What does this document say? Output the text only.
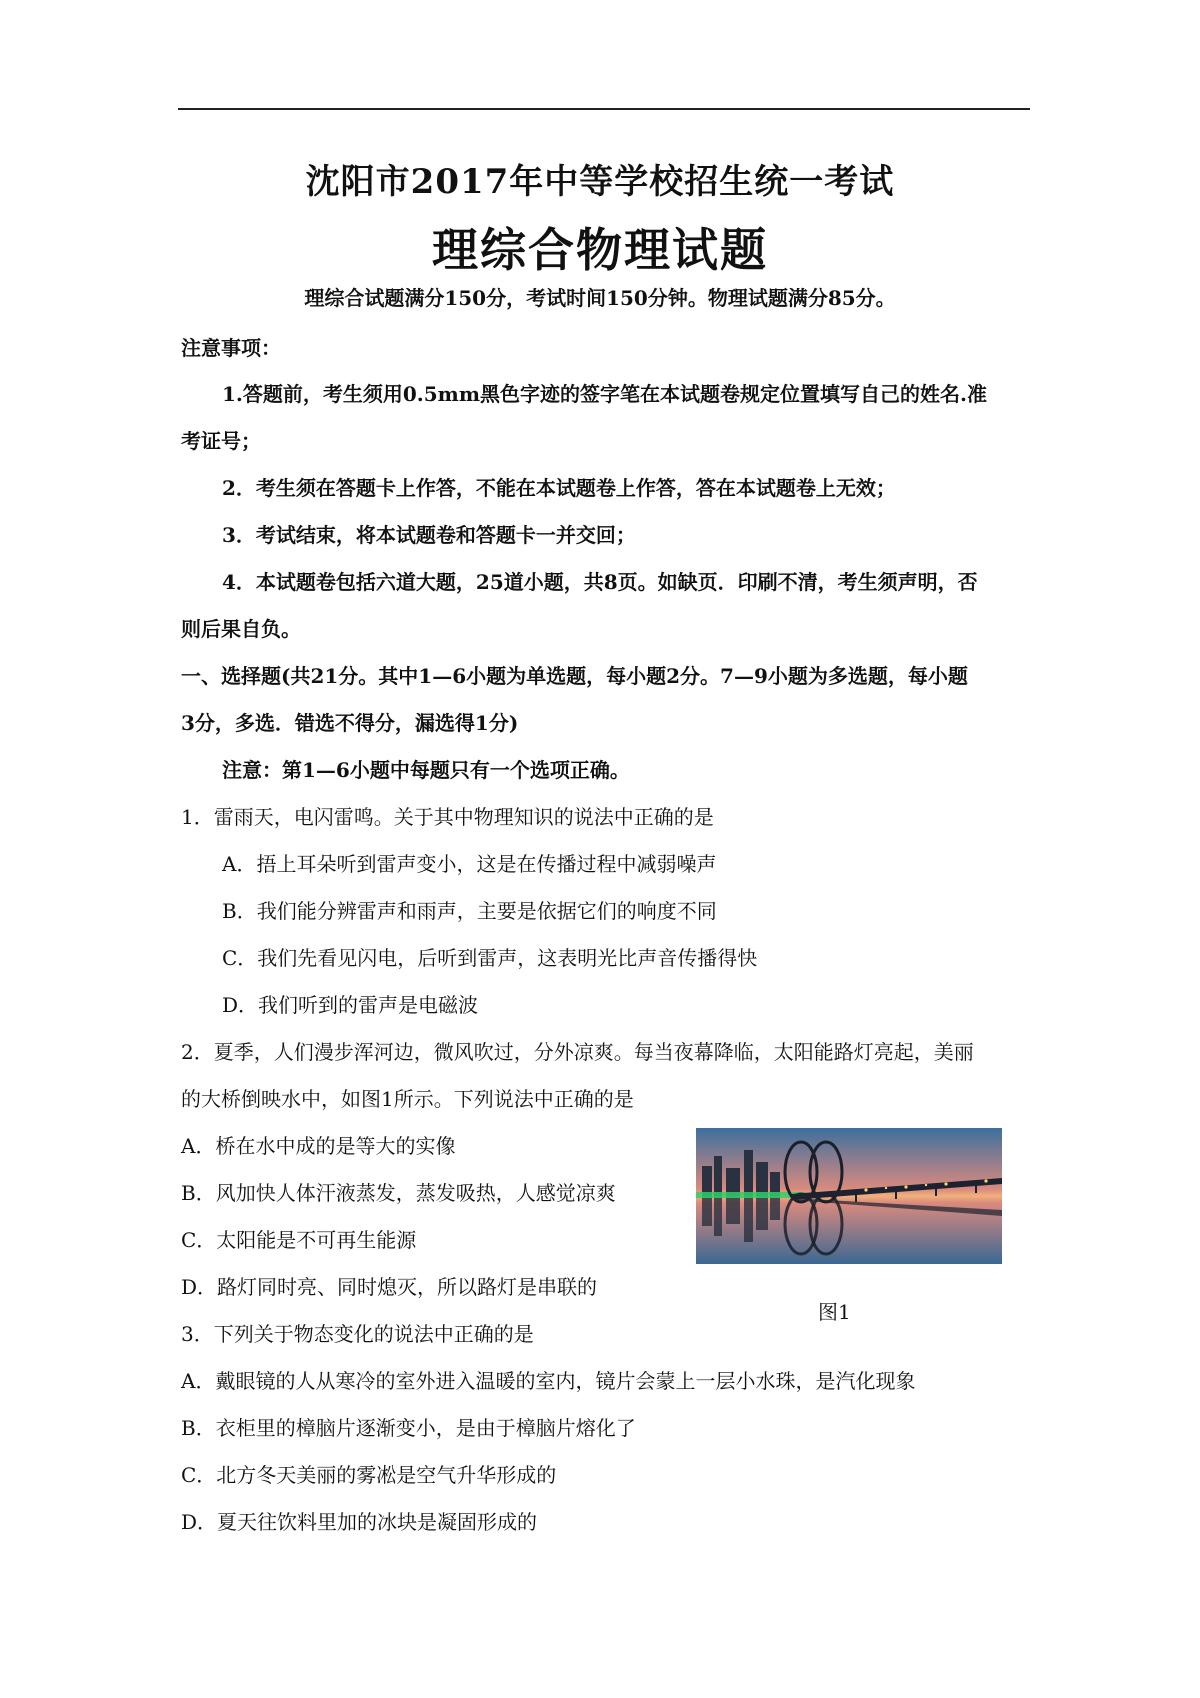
沈阳市2017年中等学校招生统一考试
理综合物理试题
理综合试题满分150分，考试时间150分钟。物理试题满分85分。
注意事项：
1.答题前，考生须用0.5mm黑色字迹的签字笔在本试题卷规定位置填写自己的姓名.准
考证号；
2．考生须在答题卡上作答，不能在本试题卷上作答，答在本试题卷上无效；
3．考试结束，将本试题卷和答题卡一并交回；
4．本试题卷包括六道大题，25道小题，共8页。如缺页．印刷不清，考生须声明，否
则后果自负。
一、选择题(共21分。其中1—6小题为单选题，每小题2分。7—9小题为多选题，每小题
3分，多选．错选不得分，漏选得1分)
注意：第1—6小题中每题只有一个选项正确。
1．雷雨天，电闪雷鸣。关于其中物理知识的说法中正确的是
A．捂上耳朵听到雷声变小，这是在传播过程中减弱噪声
B．我们能分辨雷声和雨声，主要是依据它们的响度不同
C．我们先看见闪电，后听到雷声，这表明光比声音传播得快
D．我们听到的雷声是电磁波
2．夏季，人们漫步浑河边，微风吹过，分外凉爽。每当夜幕降临，太阳能路灯亮起，美丽
的大桥倒映水中，如图1所示。下列说法中正确的是
A．桥在水中成的是等大的实像
B．风加快人体汗液蒸发，蒸发吸热，人感觉凉爽
C．太阳能是不可再生能源
D．路灯同时亮、同时熄灭，所以路灯是串联的
图1
3．下列关于物态变化的说法中正确的是
A．戴眼镜的人从寒冷的室外进入温暖的室内，镜片会蒙上一层小水珠，是汽化现象
B．衣柜里的樟脑片逐渐变小，是由于樟脑片熔化了
C．北方冬天美丽的雾凇是空气升华形成的
D．夏天往饮料里加的冰块是凝固形成的
